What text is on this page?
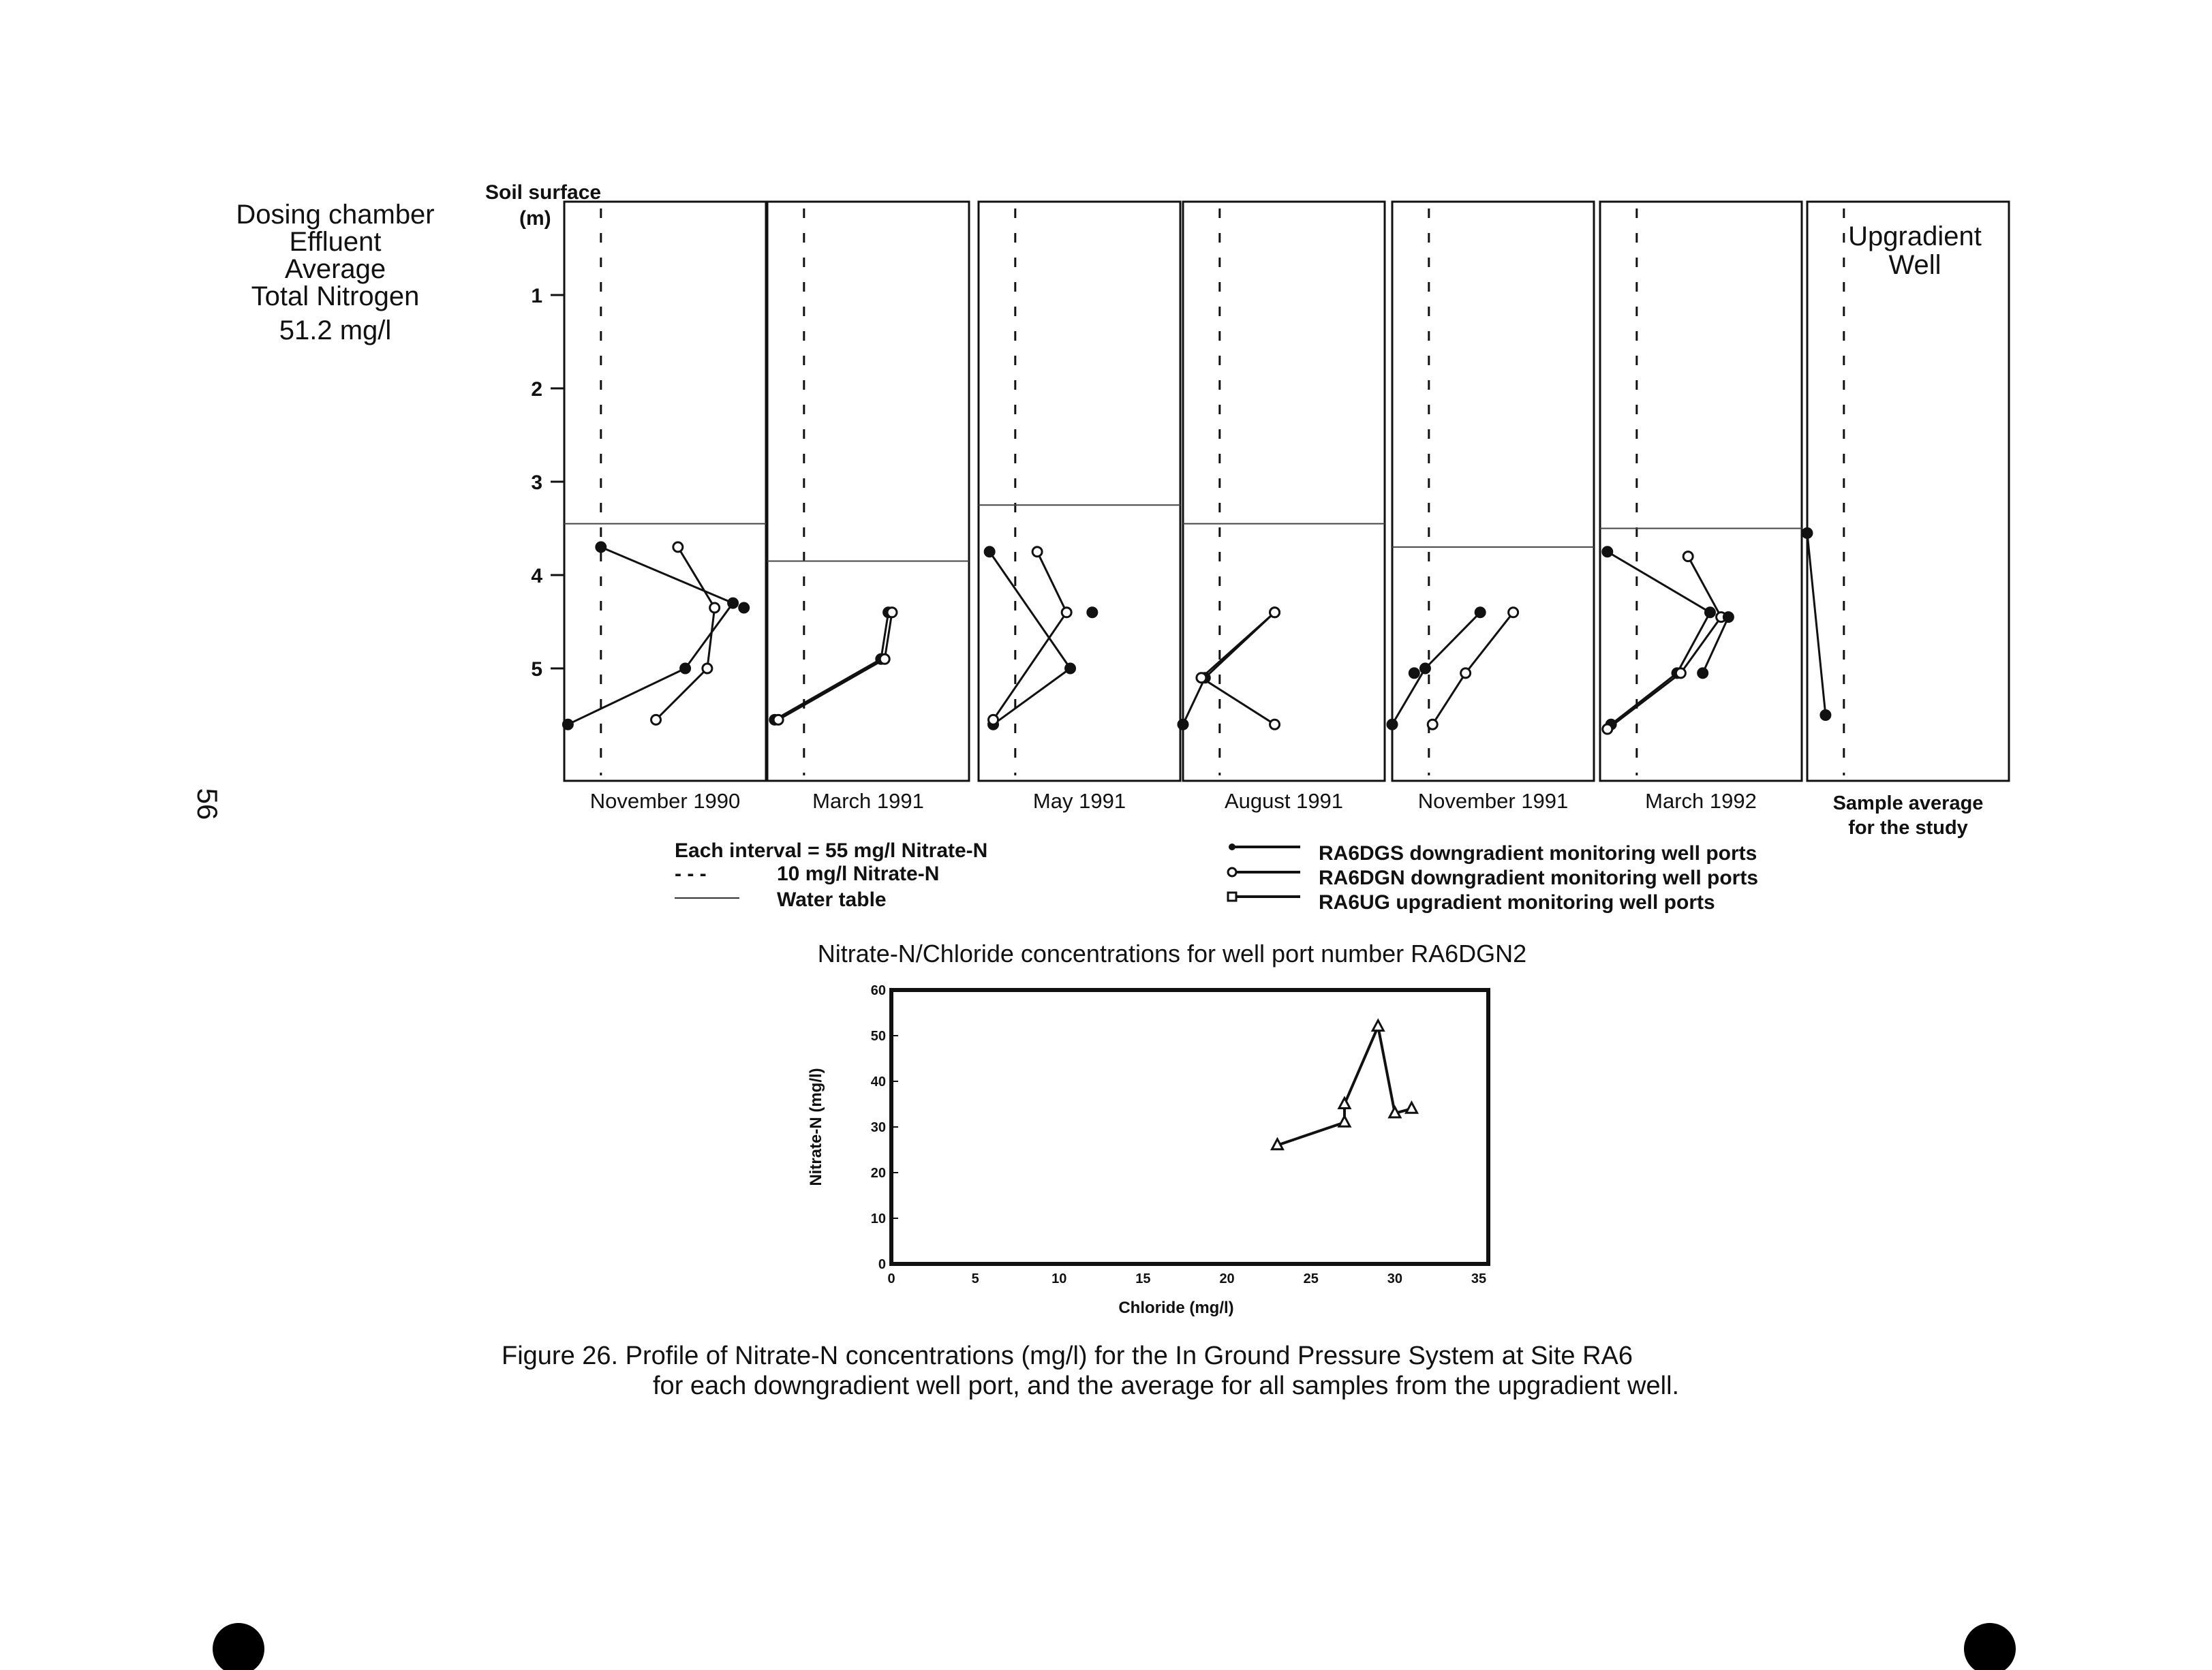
56
Dosing chamber
Effluent
Average
Total Nitrogen
51.2 mg/l
Soil surface
(m)
1
2
3
4
5
November 1990	March 1991	May 1991	August 1991	November 1991	March 1992	Sample average
for the study
Upgradient
Well
Each interval = 55 mg/l Nitrate-N
- - -	10 mg/l Nitrate-N
Water table
RA6DGS downgradient monitoring well ports
RA6DGN downgradient monitoring well ports
RA6UG upgradient monitoring well ports
Nitrate-N/Chloride concentrations for well port number RA6DGN2
0	5	10	15	20	25	30	35
0
10
20
30
40
50
60
Chloride (mg/l)
Nitrate-N (mg/l)
Figure 26. Profile of Nitrate-N concentrations (mg/l) for the In Ground Pressure System at Site RA6
for each downgradient well port, and the average for all samples from the upgradient well.
